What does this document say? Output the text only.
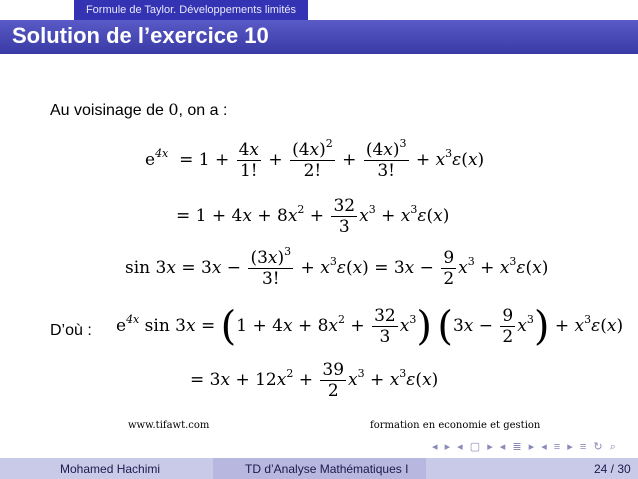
Formule de Taylor. Développements limités
Solution de l’exercice 10
Au voisinage de 0, on a :
$e^{4x} = 1 + \frac{4x}{1!} + \frac{(4x)^2}{2!} + \frac{(4x)^3}{3!} + x^3\varepsilon(x)$
= $1 + 4x + 8x^2 + \frac{32}{3} x^3 + x^3\varepsilon(x)$
$\sin 3x = 3x - \frac{(3x)^3}{3!} + x^3\varepsilon(x) = 3x - \frac{9}{2} x^3 + x^3\varepsilon(x)$
D’où : $e^{4x}$ $\sin 3x = (1 + 4x + 8x^2 + \frac{32}{3} x^3)$ $(3x - \frac{9}{2} x^3) + x^3\varepsilon(x)$
= $3x + 12x^2 + \frac{39}{2} x^3 + x^3\varepsilon(x)$
www.tifawt.com	formation en economie et gestion
◂ ▸ ◂ ▢ ▸ ◂ ≣ ▸ ◂ ≡ ▸ ≡ ↻ ⌕
Mohamed Hachimi	TD d’Analyse Mathématiques I	24 / 30
